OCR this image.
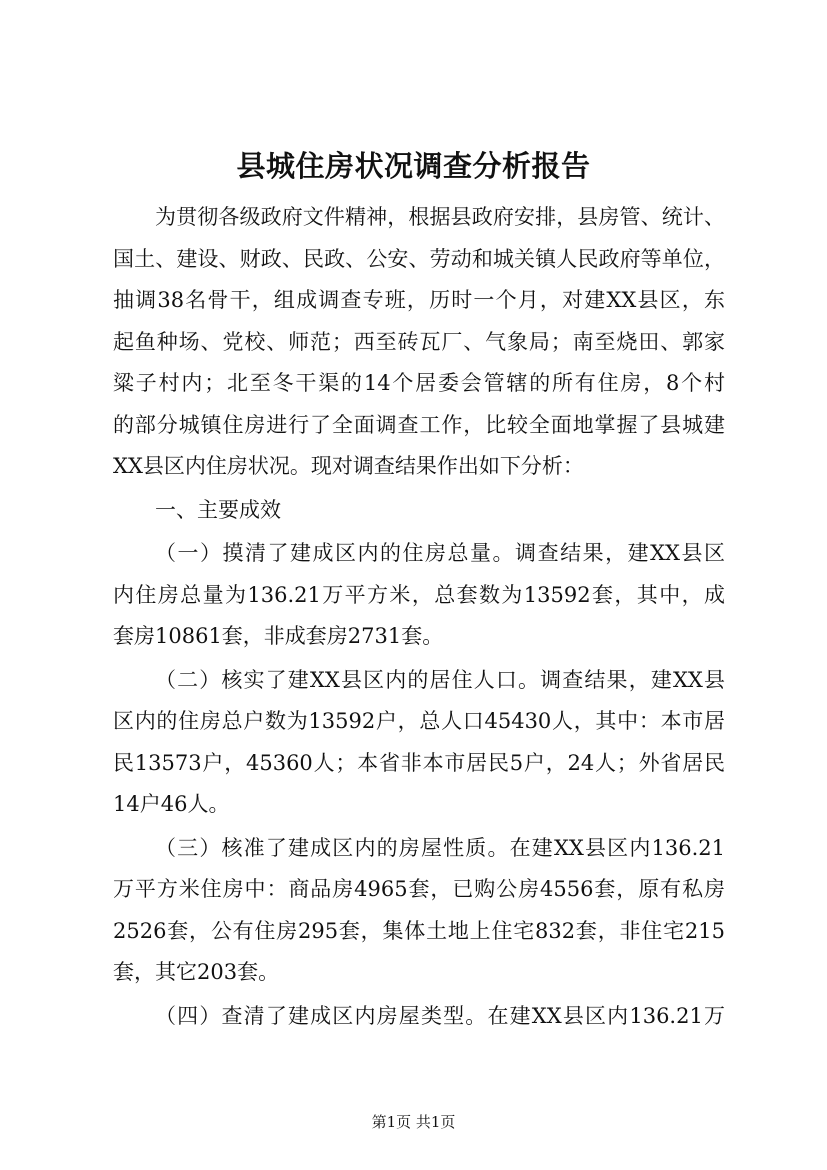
县城住房状况调查分析报告
为贯彻各级政府文件精神，根据县政府安排，县房管、统计、
国土、建设、财政、民政、公安、劳动和城关镇人民政府等单位，
抽调38名骨干，组成调查专班，历时一个月，对建XX县区，东
起鱼种场、党校、师范；西至砖瓦厂、气象局；南至烧田、郭家
粱子村内；北至冬干渠的14个居委会管辖的所有住房，8个村
的部分城镇住房进行了全面调查工作，比较全面地掌握了县城建
XX县区内住房状况。现对调查结果作出如下分析：
一、主要成效
（一）摸清了建成区内的住房总量。调查结果，建XX县区
内住房总量为136.21万平方米，总套数为13592套，其中，成
套房10861套，非成套房2731套。
（二）核实了建XX县区内的居住人口。调查结果，建XX县
区内的住房总户数为13592户，总人口45430人，其中：本市居
民13573户，45360人；本省非本市居民5户，24人；外省居民
14户46人。
（三）核准了建成区内的房屋性质。在建XX县区内136.21
万平方米住房中：商品房4965套，已购公房4556套，原有私房
2526套，公有住房295套，集体土地上住宅832套，非住宅215
套，其它203套。
（四）查清了建成区内房屋类型。在建XX县区内136.21万
第1页 共1页
